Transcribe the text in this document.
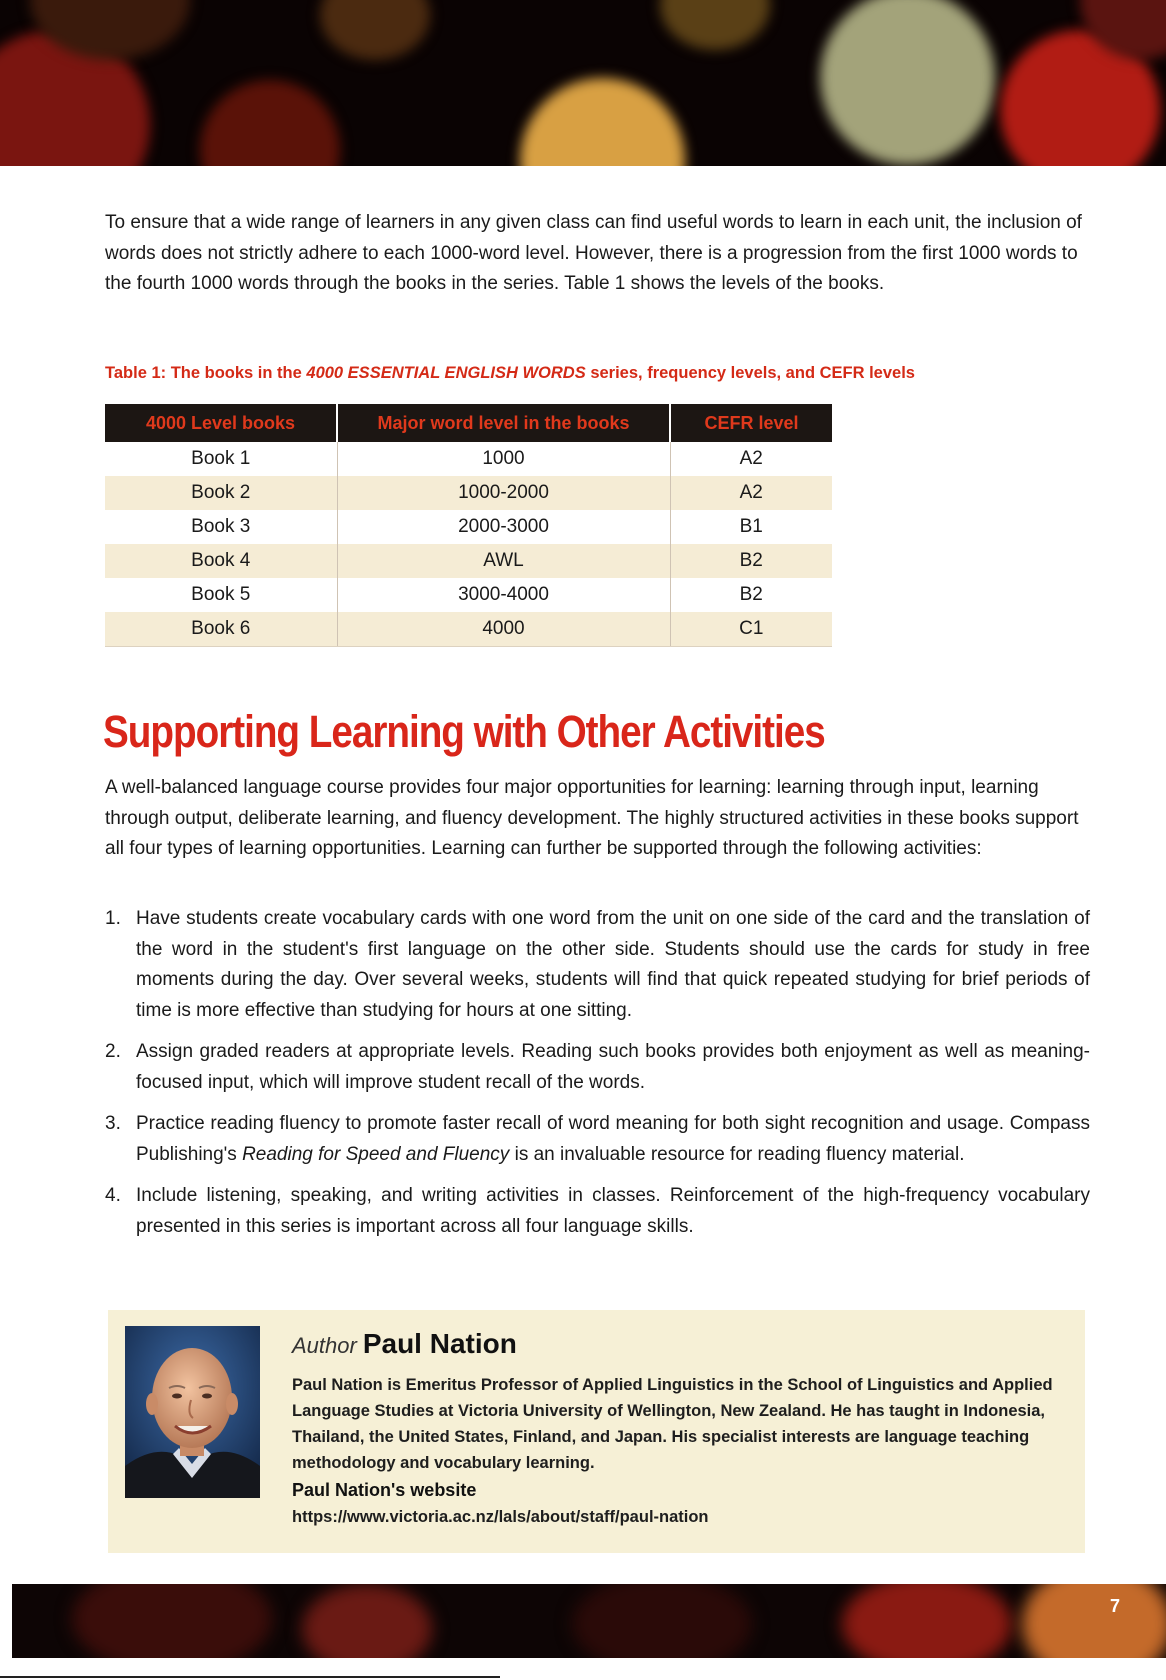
To ensure that a wide range of learners in any given class can find useful words to learn in each unit, the inclusion of words does not strictly adhere to each 1000-word level. However, there is a progression from the first 1000 words to the fourth 1000 words through the books in the series. Table 1 shows the levels of the books.

Table 1: The books in the 4000 ESSENTIAL ENGLISH WORDS series, frequency levels, and CEFR levels
4000 Level books	Major word level in the books	CEFR level
Book 1	1000	A2
Book 2	1000-2000	A2
Book 3	2000-3000	B1
Book 4	AWL	B2
Book 5	3000-4000	B2
Book 6	4000	C1
Supporting Learning with Other Activities

A well-balanced language course provides four major opportunities for learning: learning through input, learning through output, deliberate learning, and fluency development. The highly structured activities in these books support all four types of learning opportunities. Learning can further be supported through the following activities:

1. Have students create vocabulary cards with one word from the unit on one side of the card and the translation of the word in the student's first language on the other side. Students should use the cards for study in free moments during the day. Over several weeks, students will find that quick repeated studying for brief periods of time is more effective than studying for hours at one sitting.
2. Assign graded readers at appropriate levels. Reading such books provides both enjoyment as well as meaning-focused input, which will improve student recall of the words.
3. Practice reading fluency to promote faster recall of word meaning for both sight recognition and usage. Compass Publishing's Reading for Speed and Fluency is an invaluable resource for reading fluency material.
4. Include listening, speaking, and writing activities in classes. Reinforcement of the high-frequency vocabulary presented in this series is important across all four language skills.
Author Paul Nation

Paul Nation is Emeritus Professor of Applied Linguistics in the School of Linguistics and Applied Language Studies at Victoria University of Wellington, New Zealand. He has taught in Indonesia, Thailand, the United States, Finland, and Japan. His specialist interests are language teaching methodology and vocabulary learning.

Paul Nation's website
https://www.victoria.ac.nz/lals/about/staff/paul-nation
7
